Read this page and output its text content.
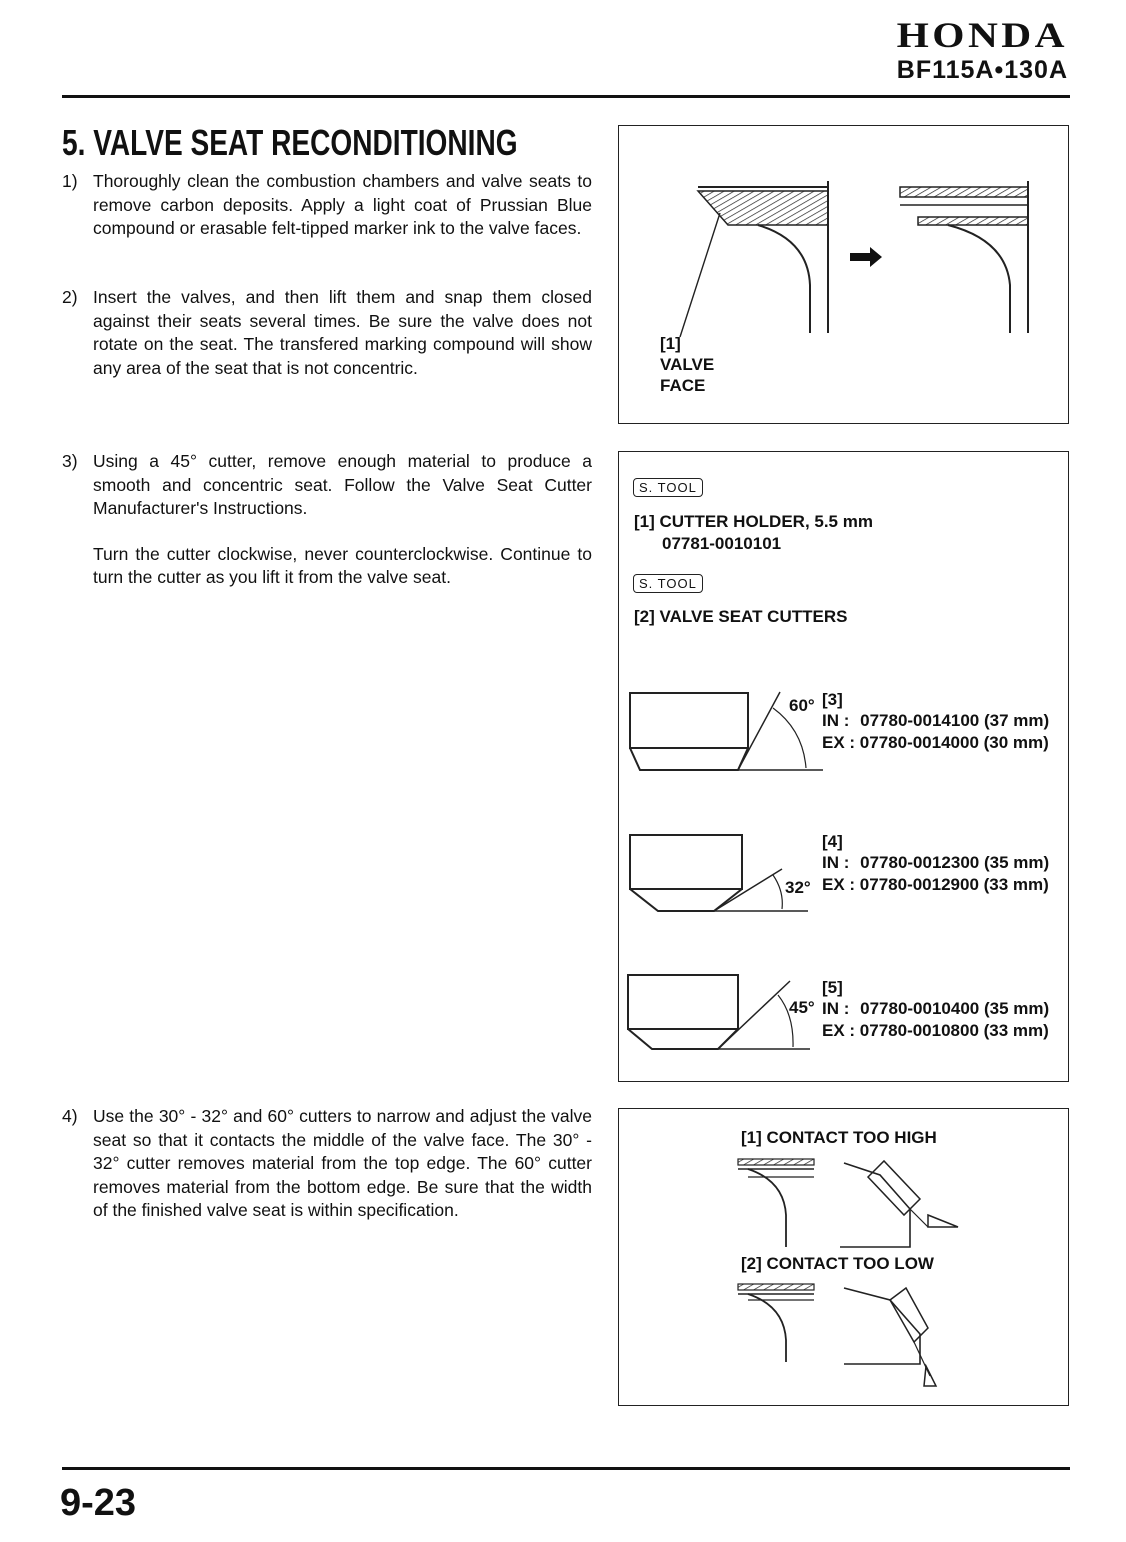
HONDA
BF115A•130A
5. VALVE SEAT RECONDITIONING
1) Thoroughly clean the combustion chambers and valve seats to remove carbon deposits. Apply a light coat of Prussian Blue compound or erasable felt-tipped marker ink to the valve faces.

2) Insert the valves, and then lift them and snap them closed against their seats several times. Be sure the valve does not rotate on the seat. The transfered marking compound will show any area of the seat that is not concentric.

3) Using a 45° cutter, remove enough material to produce a smooth and concentric seat. Follow the Valve Seat Cutter Manufacturer's Instructions.

Turn the cutter clockwise, never counterclockwise. Continue to turn the cutter as you lift it from the valve seat.

4) Use the 30° - 32° and 60° cutters to narrow and adjust the valve seat so that it contacts the middle of the valve face. The 30° - 32° cutter removes material from the top edge. The 60° cutter removes material from the bottom edge. Be sure that the width of the finished valve seat is within specification.

[1]
VALVE
FACE
S. TOOL
[1] CUTTER HOLDER, 5.5 mm
07781-0010101
S. TOOL
[2] VALVE SEAT CUTTERS
60° [3]
IN : 07780-0014100 (37 mm)
EX : 07780-0014000 (30 mm)
32°
[4]
IN : 07780-0012300 (35 mm)
EX : 07780-0012900 (33 mm)
45°
[5]
IN : 07780-0010400 (35 mm)
EX : 07780-0010800 (33 mm)
[1] CONTACT TOO HIGH
[2] CONTACT TOO LOW
9-23
